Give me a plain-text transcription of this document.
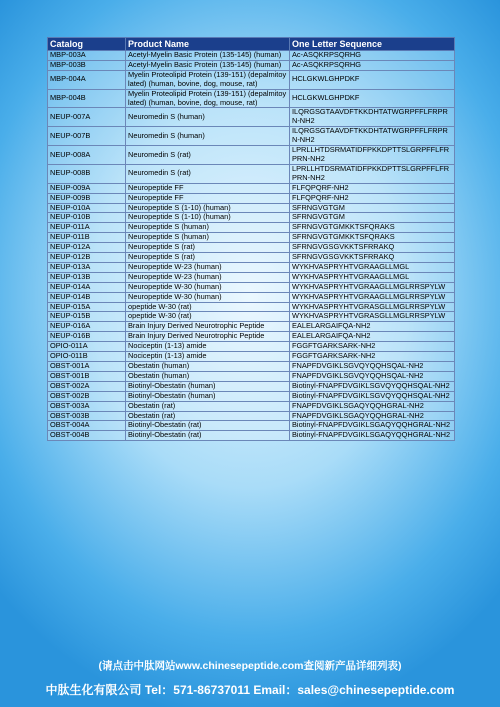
Catalog	Product Name	One Letter Sequence
MBP-003A	Acetyl-Myelin Basic Protein (135-145) (human)	Ac-ASQKRPSQRHG
MBP-003B	Acetyl-Myelin Basic Protein (135-145) (human)	Ac-ASQKRPSQRHG
MBP-004A	Myelin Proteolipid Protein (139-151) (depalmitoylated) (human, bovine, dog, mouse, rat)	HCLGKWLGHPDKF
MBP-004B	Myelin Proteolipid Protein (139-151) (depalmitoylated) (human, bovine, dog, mouse, rat)	HCLGKWLGHPDKF
NEUP-007A	Neuromedin S (human)	ILQRGSGTAAVDFTKKDHTATWGRPFFLFRPRN-NH2
NEUP-007B	Neuromedin S (human)	ILQRGSGTAAVDFTKKDHTATWGRPFFLFRPRN-NH2
NEUP-008A	Neuromedin S (rat)	LPRLLHTDSRMATIDFPKKDPTTSLGRPFFLFRPRN-NH2
NEUP-008B	Neuromedin S (rat)	LPRLLHTDSRMATIDFPKKDPTTSLGRPFFLFRPRN-NH2
NEUP-009A	Neuropeptide FF	FLFQPQRF-NH2
NEUP-009B	Neuropeptide FF	FLFQPQRF-NH2
NEUP-010A	Neuropeptide S (1-10) (human)	SFRNGVGTGM
NEUP-010B	Neuropeptide S (1-10) (human)	SFRNGVGTGM
NEUP-011A	Neuropeptide S (human)	SFRNGVGTGMKKTSFQRAKS
NEUP-011B	Neuropeptide S (human)	SFRNGVGTGMKKTSFQRAKS
NEUP-012A	Neuropeptide S (rat)	SFRNGVGSGVKKTSFRRAKQ
NEUP-012B	Neuropeptide S (rat)	SFRNGVGSGVKKTSFRRAKQ
NEUP-013A	Neuropeptide W-23 (human)	WYKHVASPRYHTVGRAAGLLMGL
NEUP-013B	Neuropeptide W-23 (human)	WYKHVASPRYHTVGRAAGLLMGL
NEUP-014A	Neuropeptide W-30 (human)	WYKHVASPRYHTVGRAAGLLMGLRRSPYLW
NEUP-014B	Neuropeptide W-30 (human)	WYKHVASPRYHTVGRAAGLLMGLRRSPYLW
NEUP-015A	opeptide W-30 (rat)	WYKHVASPRYHTVGRASGLLMGLRRSPYLW
NEUP-015B	opeptide W-30 (rat)	WYKHVASPRYHTVGRASGLLMGLRRSPYLW
NEUP-016A	Brain Injury Derived Neurotrophic Peptide	EALELARGAIFQA-NH2
NEUP-016B	Brain Injury Derived Neurotrophic Peptide	EALELARGAIFQA-NH2
OPIO-011A	Nociceptin (1-13) amide	FGGFTGARKSARK-NH2
OPIO-011B	Nociceptin (1-13) amide	FGGFTGARKSARK-NH2
OBST-001A	Obestatin (human)	FNAPFDVGIKLSGVQYQQHSQAL-NH2
OBST-001B	Obestatin (human)	FNAPFDVGIKLSGVQYQQHSQAL-NH2
OBST-002A	Biotinyl-Obestatin (human)	Biotinyl-FNAPFDVGIKLSGVQYQQHSQAL-NH2
OBST-002B	Biotinyl-Obestatin (human)	Biotinyl-FNAPFDVGIKLSGVQYQQHSQAL-NH2
OBST-003A	Obestatin (rat)	FNAPFDVGIKLSGAQYQQHGRAL-NH2
OBST-003B	Obestatin (rat)	FNAPFDVGIKLSGAQYQQHGRAL-NH2
OBST-004A	Biotinyl-Obestatin (rat)	Biotinyl-FNAPFDVGIKLSGAQYQQHGRAL-NH2
OBST-004B	Biotinyl-Obestatin (rat)	Biotinyl-FNAPFDVGIKLSGAQYQQHGRAL-NH2
(请点击中肽网站www.chinesepeptide.com查阅新产品详细列表)
中肽生化有限公司 Tel：571-86737011 Email：sales@chinesepeptide.com
